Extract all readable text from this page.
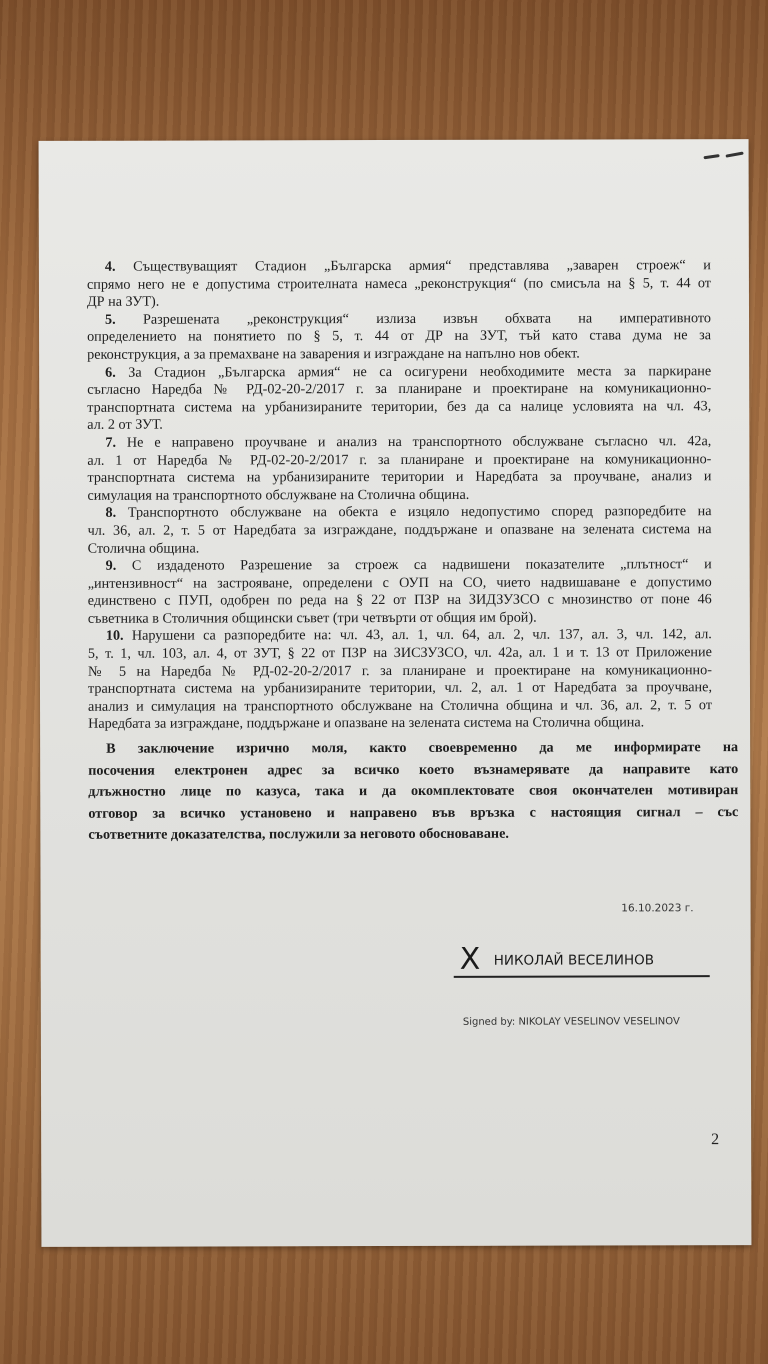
4. Съществуващият Стадион „Българска армия“ представлява „заварен строеж“ и
спрямо него не е допустима строителната намеса „реконструкция“ (по смисъла на § 5, т. 44 от
ДР на ЗУТ).
5. Разрешената „реконструкция“ излиза извън обхвата на императивното
определението на понятието по § 5, т. 44 от ДР на ЗУТ, тъй като става дума не за
реконструкция, а за премахване на заварения и изграждане на напълно нов обект.
6. За Стадион „Българска армия“ не са осигурени необходимите места за паркиране
съгласно Наредба № РД-02-20-2/2017 г. за планиране и проектиране на комуникационно-
транспортната система на урбанизираните територии, без да са налице условията на чл. 43,
ал. 2 от ЗУТ.
7. Не е направено проучване и анализ на транспортното обслужване съгласно чл. 42а,
ал. 1 от Наредба № РД-02-20-2/2017 г. за планиране и проектиране на комуникационно-
транспортната система на урбанизираните територии и Наредбата за проучване, анализ и
симулация на транспортното обслужване на Столична община.
8. Транспортното обслужване на обекта е изцяло недопустимо според разпоредбите на
чл. 36, ал. 2, т. 5 от Наредбата за изграждане, поддържане и опазване на зелената система на
Столична община.
9. С издаденото Разрешение за строеж са надвишени показателите „плътност“ и
„интензивност“ на застрояване, определени с ОУП на СО, чието надвишаване е допустимо
единствено с ПУП, одобрен по реда на § 22 от ПЗР на ЗИДЗУЗСО с мнозинство от поне 46
съветника в Столичния общински съвет (три четвърти от общия им брой).
10. Нарушени са разпоредбите на: чл. 43, ал. 1, чл. 64, ал. 2, чл. 137, ал. 3, чл. 142, ал.
5, т. 1, чл. 103, ал. 4, от ЗУТ, § 22 от ПЗР на ЗИСЗУЗСО, чл. 42а, ал. 1 и т. 13 от Приложение
№ 5 на Наредба № РД-02-20-2/2017 г. за планиране и проектиране на комуникационно-
транспортната система на урбанизираните територии, чл. 2, ал. 1 от Наредбата за проучване,
анализ и симулация на транспортното обслужване на Столична община и чл. 36, ал. 2, т. 5 от
Наредбата за изграждане, поддържане и опазване на зелената система на Столична община.
В заключение изрично моля, както своевременно да ме информирате на
посочения електронен адрес за всичко което възнамерявате да направите като
длъжностно лице по казуса, така и да окомплектовате своя окончателен мотивиран
отговор за всичко установено и направено във връзка с настоящия сигнал – със
съответните доказателства, послужили за неговото обосноваване.
16.10.2023 г.
X НИКОЛАЙ ВЕСЕЛИНОВ
Signed by: NIKOLAY VESELINOV VESELINOV
2
